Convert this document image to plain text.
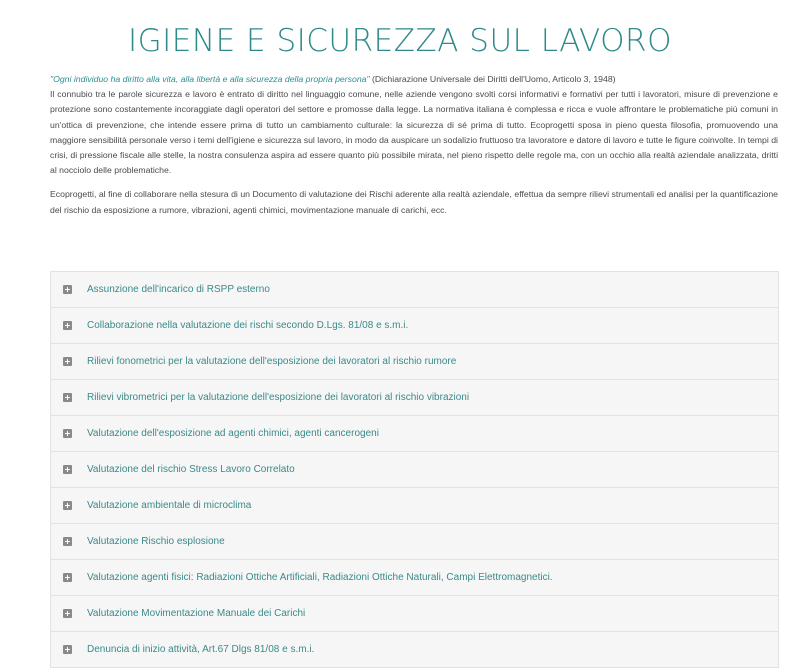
IGIENE E SICUREZZA SUL LAVORO

"Ogni individuo ha diritto alla vita, alla libertà e alla sicurezza della propria persona" (Dichiarazione Universale dei Diritti dell'Uomo, Articolo 3, 1948)

Il connubio tra le parole sicurezza e lavoro è entrato di diritto nel linguaggio comune, nelle aziende vengono svolti corsi informativi e formativi per tutti i lavoratori, misure di prevenzione e protezione sono costantemente incoraggiate dagli operatori del settore e promosse dalla legge. La normativa italiana è complessa e ricca e vuole affrontare le problematiche più comuni in un'ottica di prevenzione, che intende essere prima di tutto un cambiamento culturale: la sicurezza di sé prima di tutto. Ecoprogetti sposa in pieno questa filosofia, promuovendo una maggiore sensibilità personale verso i temi dell'igiene e sicurezza sul lavoro, in modo da auspicare un sodalizio fruttuoso tra lavoratore e datore di lavoro e tutte le figure coinvolte. In tempi di crisi, di pressione fiscale alle stelle, la nostra consulenza aspira ad essere quanto più possibile mirata, nel pieno rispetto delle regole ma, con un occhio alla realtà aziendale analizzata, dritti al nocciolo delle problematiche.

Ecoprogetti, al fine di collaborare nella stesura di un Documento di valutazione dei Rischi aderente alla realtà aziendale, effettua da sempre rilievi strumentali ed analisi per la quantificazione del rischio da esposizione a rumore, vibrazioni, agenti chimici, movimentazione manuale di carichi, ecc.

Assunzione dell'incarico di RSPP esterno
Collaborazione nella valutazione dei rischi secondo D.Lgs. 81/08 e s.m.i.
Rilievi fonometrici per la valutazione dell'esposizione dei lavoratori al rischio rumore
Rilievi vibrometrici per la valutazione dell'esposizione dei lavoratori al rischio vibrazioni
Valutazione dell'esposizione ad agenti chimici, agenti cancerogeni
Valutazione del rischio Stress Lavoro Correlato
Valutazione ambientale di microclima
Valutazione Rischio esplosione
Valutazione agenti fisici: Radiazioni Ottiche Artificiali, Radiazioni Ottiche Naturali, Campi Elettromagnetici.
Valutazione Movimentazione Manuale dei Carichi
Denuncia di inizio attività, Art.67 Dlgs 81/08 e s.m.i.
